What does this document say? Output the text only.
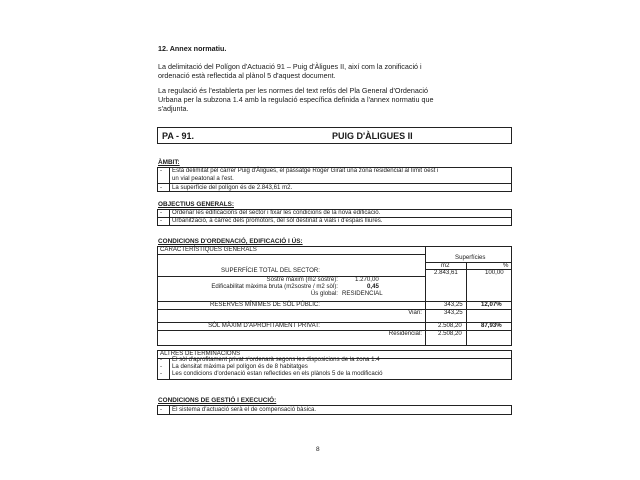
12. Annex normatiu.
La delimitació del Polígon d'Actuació 91 – Puig d'Àligues II, així com la zonificació i
ordenació està reflectida al plànol 5 d'aquest document.
La regulació és l'establerta per les normes del text refós del Pla General d'Ordenació
Urbana per la subzona 1.4 amb la regulació específica definida a l'annex normatiu que
s'adjunta.
PA - 91.	PUIG D'ÀLIGUES II
ÀMBIT:
- Està delimitat pel carrer Puig d'Àligues, el passatge Roger Girait una zona residencial al límit oest i
un vial peatonal a l'est.
- La superfície del polígon és de 2.843,61 m2.
OBJECTIUS GENERALS:
- Ordenar les edificacions del sector i fixar les condicions de la nova edificació.
- Urbanització, a càrrec dels promotors, del sòl destinat a vials i d'espais lliures.
CONDICIONS D'ORDENACIÓ, EDIFICACIÓ I ÚS:
CARACTERÍSTIQUES GENERALS
Superfícies
m2	%
SUPERFÍCIE TOTAL DEL SECTOR:	2.843,61	100,00
Sostre màxim (m2 sostre):	1.270,00
Edificabilitat màxima bruta (m2sostre / m2 sòl):	0,45
Ús global: RESIDENCIAL
RESERVES MÍNIMES DE SÒL PÚBLIC:	343,25	12,07%
Viari:	343,25
SÒL MÀXIM D'APROFITAMENT PRIVAT:	2.508,20	87,93%
Residencial:	2.508,20
ALTRES DETERMINACIONS
- El sòl d'aprofitament privat s'ordenarà segons les disposicions de la zona 1.4
- La densitat màxima pel polígon és de 8 habitatges
- Les condicions d'ordenació estan reflectides en els plànols 5 de la modificació
CONDICIONS DE GESTIÓ I EXECUCIÓ:
- El sistema d'actuació serà el de compensació bàsica.
8
